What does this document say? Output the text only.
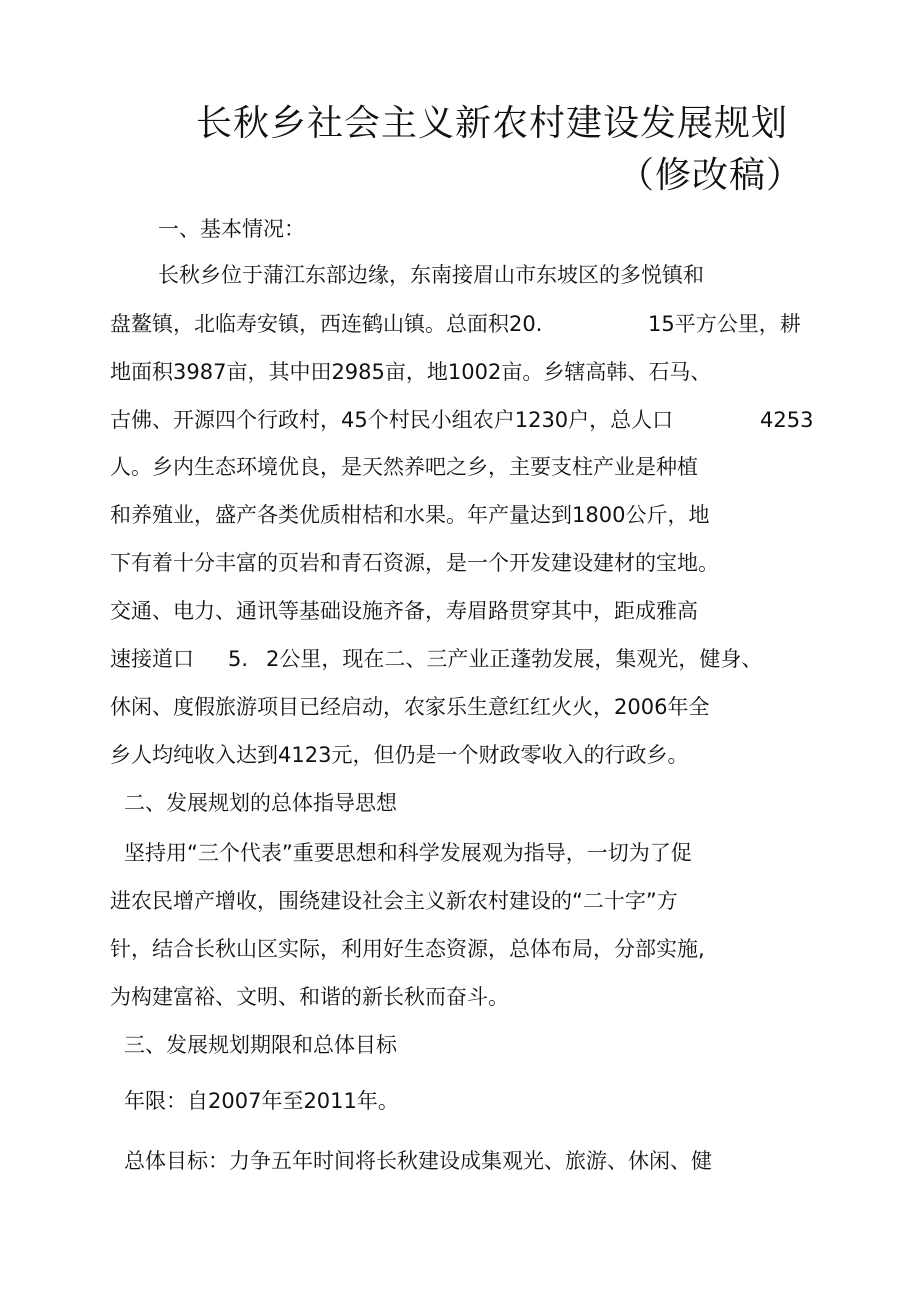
长秋乡社会主义新农村建设发展规划
（修改稿）
一、基本情况：
长秋乡位于蒲江东部边缘，东南接眉山市东坡区的多悦镇和
盘鳌镇，北临寿安镇，西连鹤山镇。总面积20.	15平方公里，耕
地面积3987亩，其中田2985亩，地1002亩。乡辖高韩、石马、
古佛、开源四个行政村，45个村民小组农户1230户，总人口	4253
人。乡内生态环境优良，是天然养吧之乡，主要支柱产业是种植
和养殖业，盛产各类优质柑桔和水果。年产量达到1800公斤，地
下有着十分丰富的页岩和青石资源，是一个开发建设建材的宝地。
交通、电力、通讯等基础设施齐备，寿眉路贯穿其中，距成雅高
速接道口 5. 2公里，现在二、三产业正蓬勃发展，集观光，健身、
休闲、度假旅游项目已经启动，农家乐生意红红火火，2006年全
乡人均纯收入达到4123元，但仍是一个财政零收入的行政乡。
二、发展规划的总体指导思想
坚持用“三个代表”重要思想和科学发展观为指导，一切为了促
进农民增产增收，围绕建设社会主义新农村建设的“二十字”方
针，结合长秋山区实际，利用好生态资源，总体布局，分部实施,
为构建富裕、文明、和谐的新长秋而奋斗。
三、发展规划期限和总体目标
年限：自2007年至2011年。
总体目标：力争五年时间将长秋建设成集观光、旅游、休闲、健
